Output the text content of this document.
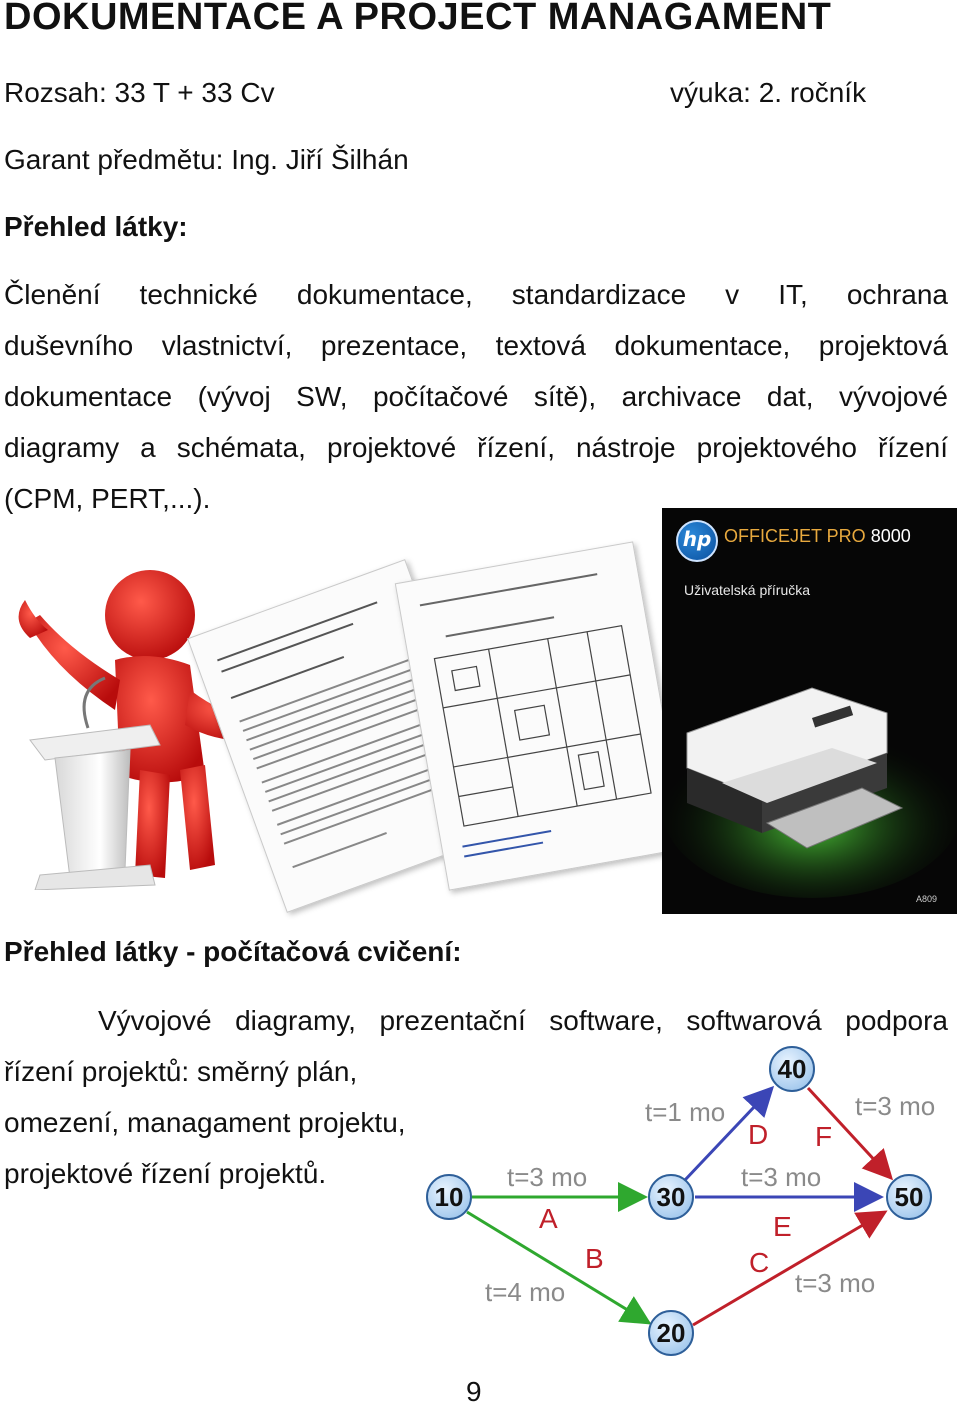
DOKUMENTACE A PROJECT MANAGAMENT
Rozsah: 33 T + 33 Cv	výuka: 2. ročník
Garant předmětu: Ing. Jiří Šilhán
Přehled látky:
Členění technické dokumentace, standardizace v IT, ochrana
duševního vlastnictví, prezentace, textová dokumentace, projektová
dokumentace (vývoj SW, počítačové sítě), archivace dat, vývojové
diagramy a schémata, projektové řízení, nástroje projektového řízení
(CPM, PERT,...).
hp OFFICEJET PRO 8000
Uživatelská příručka
A809
Přehled látky - počítačová cvičení:
Vývojové diagramy, prezentační software, softwarová podpora
řízení projektů: směrný plán,
omezení, managament projektu,
projektové řízení projektů.
10
20
30
40
50
t=3 mo
t=4 mo	t=3 mo
t=1 mo
t=3 mo
t=3 mo
A
B	C
D
E
F
9
